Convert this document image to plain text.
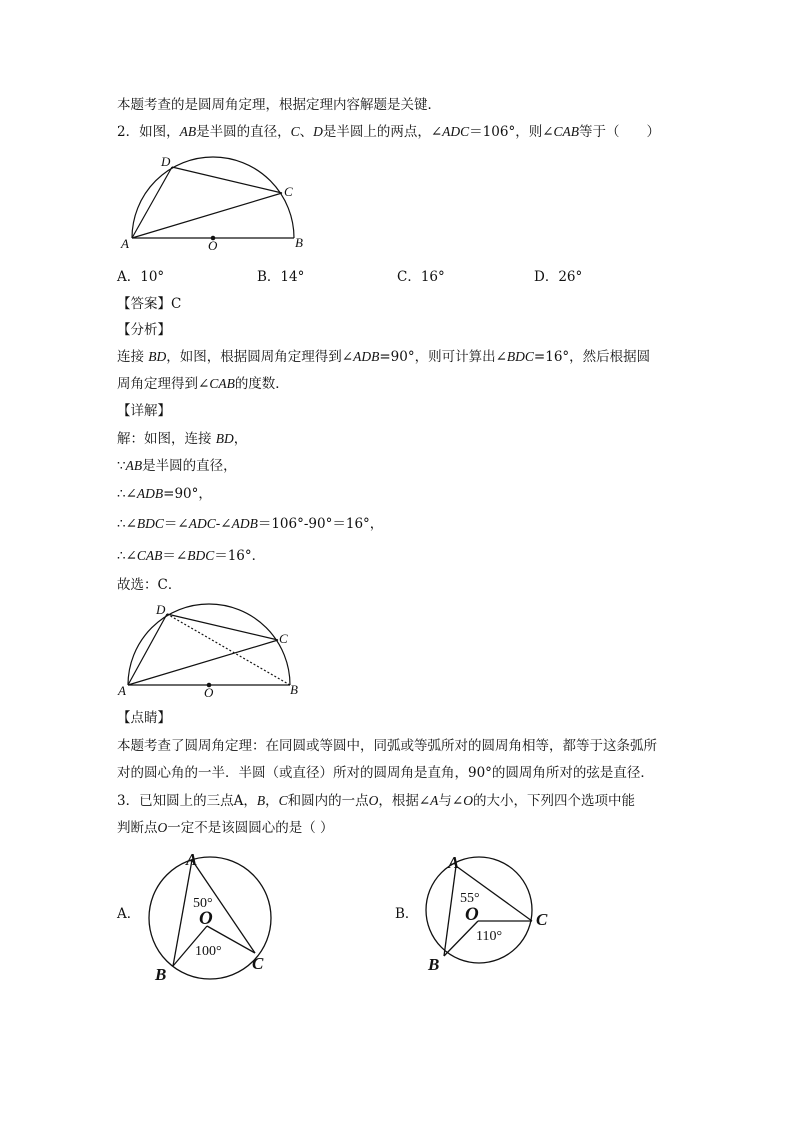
本题考查的是圆周角定理，根据定理内容解题是关键．
2．如图，AB是半圆的直径，C、D是半圆上的两点，∠ADC＝106°，则∠CAB等于（　　）
A	B
C
D
O
A．10°	B．14°	C．16°	D．26°
【答案】C
【分析】
连接 BD，如图，根据圆周角定理得到∠ADB=90°，则可计算出∠BDC=16°，然后根据圆
周角定理得到∠CAB的度数．
【详解】
解：如图，连接 BD，
∵AB是半圆的直径，
∴∠ADB=90°，
∴∠BDC＝∠ADC-∠ADB＝106°-90°＝16°，
∴∠CAB＝∠BDC＝16°．
故选：C．
A	B
C
D
O
【点睛】
本题考查了圆周角定理：在同圆或等圆中，同弧或等弧所对的圆周角相等，都等于这条弧所
对的圆心角的一半．半圆（或直径）所对的圆周角是直角，90°的圆周角所对的弦是直径．
3．已知圆上的三点A，B，C和圆内的一点O，根据∠A与∠O的大小，下列四个选项中能
判断点O一定不是该圆圆心的是（ ）
A．	B．
A
B
C
O
50°
100°
A
B
C
O
55°
110°
